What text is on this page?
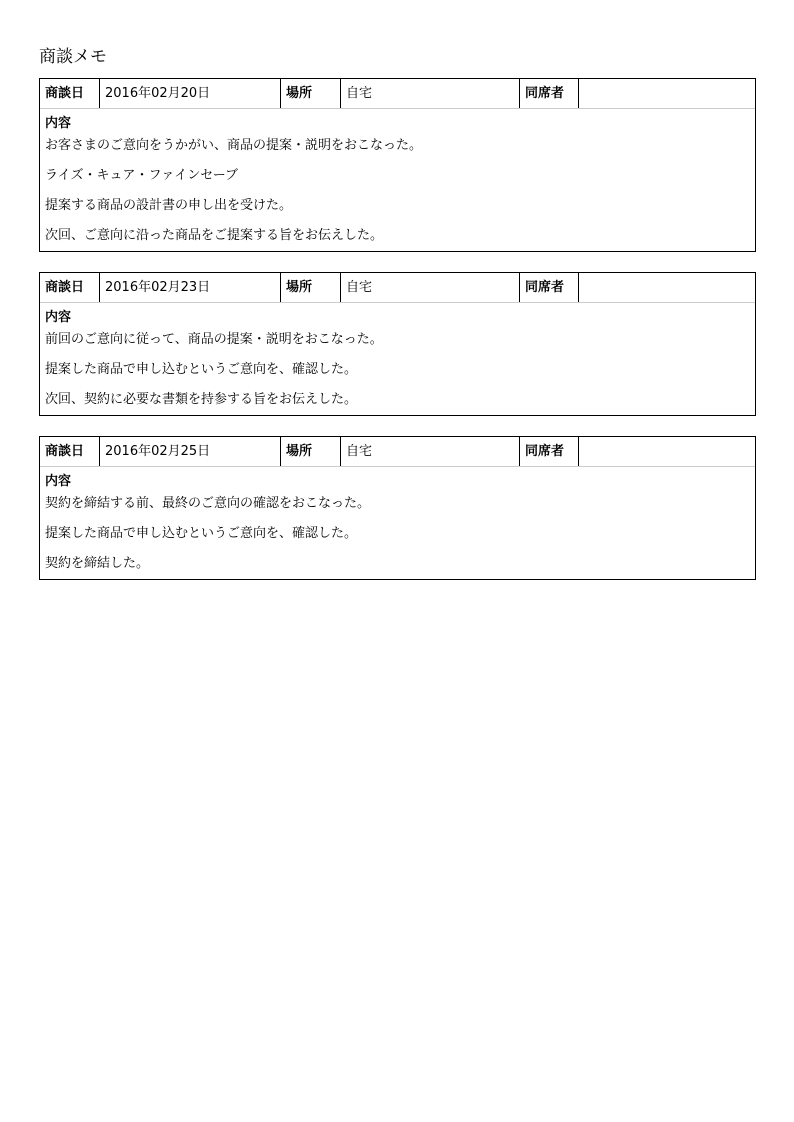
商談メモ
商談日	2016年02月20日	場所	自宅	同席者
内容
お客さまのご意向をうかがい、商品の提案・説明をおこなった。
ライズ・キュア・ファインセーブ
提案する商品の設計書の申し出を受けた。
次回、ご意向に沿った商品をご提案する旨をお伝えした。
商談日	2016年02月23日	場所	自宅	同席者
内容
前回のご意向に従って、商品の提案・説明をおこなった。
提案した商品で申し込むというご意向を、確認した。
次回、契約に必要な書類を持参する旨をお伝えした。
商談日	2016年02月25日	場所	自宅	同席者
内容
契約を締結する前、最終のご意向の確認をおこなった。
提案した商品で申し込むというご意向を、確認した。
契約を締結した。
